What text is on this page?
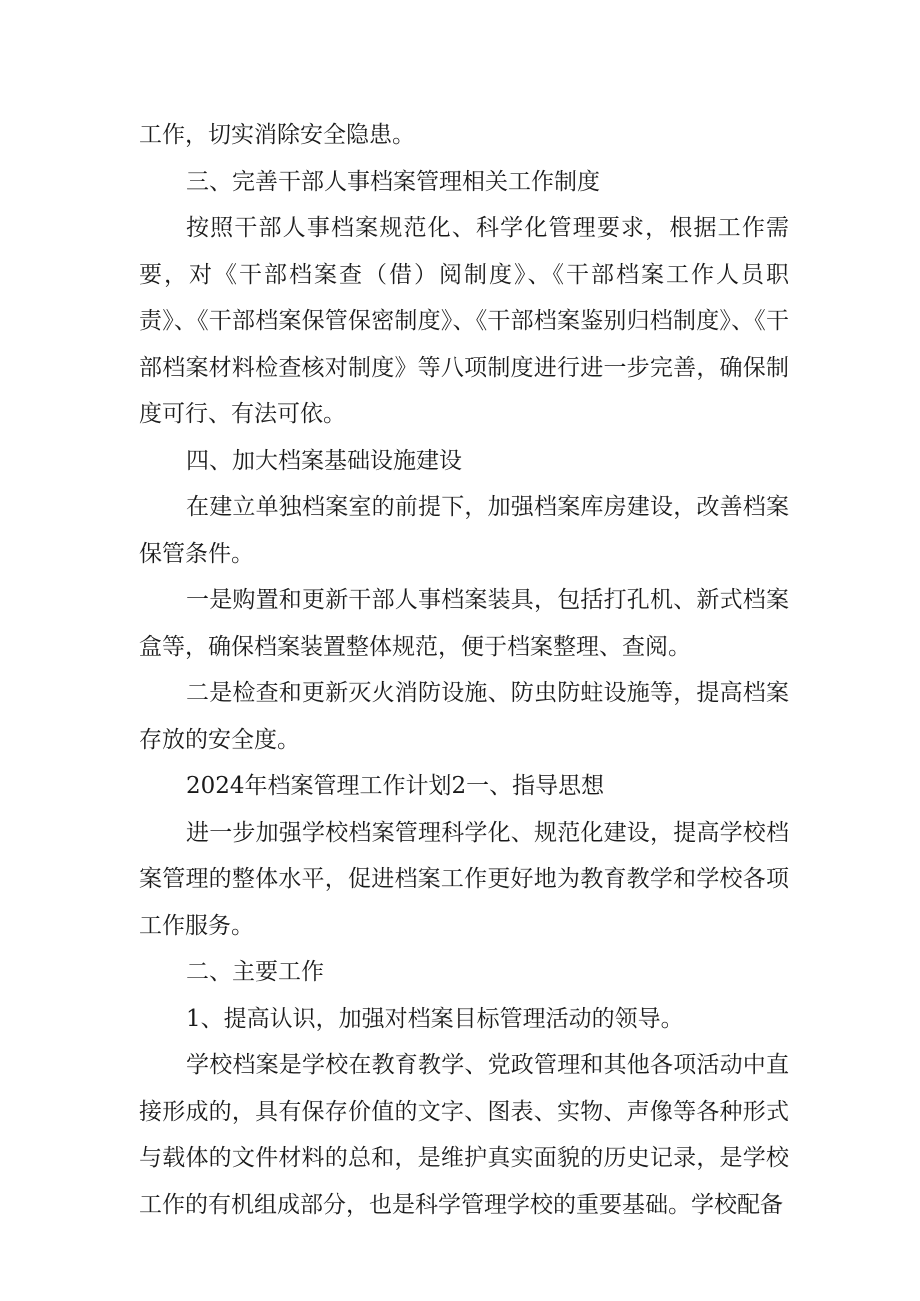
工作，切实消除安全隐患。

三、完善干部人事档案管理相关工作制度

按照干部人事档案规范化、科学化管理要求，根据工作需要，对《干部档案查（借）阅制度》、《干部档案工作人员职责》、《干部档案保管保密制度》、《干部档案鉴别归档制度》、《干部档案材料检查核对制度》等八项制度进行进一步完善，确保制度可行、有法可依。

四、加大档案基础设施建设

在建立单独档案室的前提下，加强档案库房建设，改善档案保管条件。

一是购置和更新干部人事档案装具，包括打孔机、新式档案盒等，确保档案装置整体规范，便于档案整理、查阅。

二是检查和更新灭火消防设施、防虫防蛀设施等，提高档案存放的安全度。

2024年档案管理工作计划2一、指导思想

进一步加强学校档案管理科学化、规范化建设，提高学校档案管理的整体水平，促进档案工作更好地为教育教学和学校各项工作服务。

二、主要工作

1、提高认识，加强对档案目标管理活动的领导。

学校档案是学校在教育教学、党政管理和其他各项活动中直接形成的，具有保存价值的文字、图表、实物、声像等各种形式与载体的文件材料的总和，是维护真实面貌的历史记录，是学校工作的有机组成部分，也是科学管理学校的重要基础。学校配备
